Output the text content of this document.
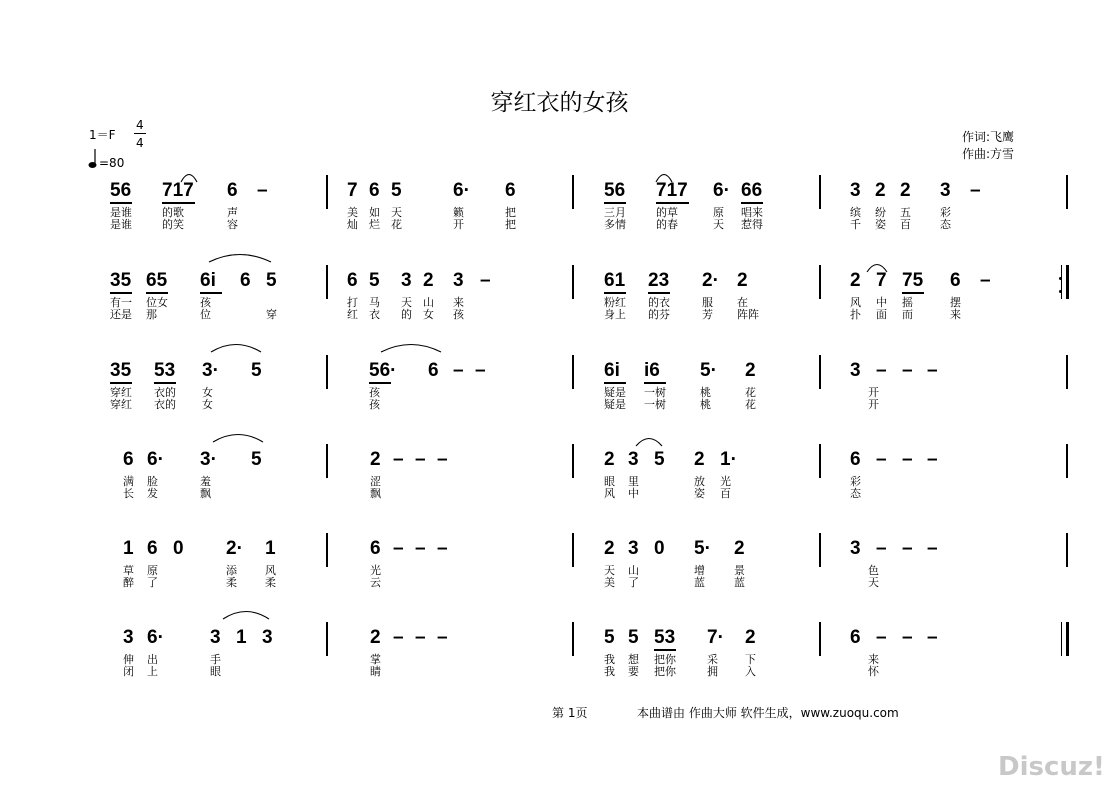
穿红衣的女孩
1＝F
4
4
=80
作词:飞鹰
作曲:方雪
56 717 6 –
是谁	的歌	声
是谁	的笑	容
7 6 5	6· 6
美 如 天	籁	把
灿 烂 花	开	把
56 717 6· 66
三月	的草	原 唱来
多情	的春	天 惹得
3 2 2 3 –
缤 纷 五	彩
千 姿 百	态
35 65 6i 6 5
有一 位女	孩
还是 那	位	穿
6 5 3 2 3 –
打 马 天 山 来
红 衣 的 女 孩
61 23 2· 2
粉红 的衣	服 在
身上 的芬	芳 阵阵
2 7 75 6 –
风 中 摇	摆
扑 面 而	来
35 53 3· 5
穿红 衣的 女
穿红 衣的 女
56· 6 – –
孩
孩
6i i6 5· 2
疑是 一树	桃	花
疑是 一树	桃	花
3 – – –
开
开
6 6· 3· 5
满 脸	羞
长 发	飘
2 – – –
涩
飘
2 3 5 2 1·
眼 里	放 光
风 中	姿 百
6 – – –
彩
态
1 6 0 2· 1
草 原	添	风
醉 了	柔	柔
6 – – –
光
云
2 3 0 5· 2
天 山	增	景
美 了	蓝	蓝
3 – – –
色
天
3 6· 3 1 3
伸 出	手
闭 上	眼
2 – – –
掌
睛
5 5 53 7· 2
我 想 把你	采 下
我 要 把你	拥 入
6 – – –
来
怀
第 1页	本曲谱由 作曲大师 软件生成，www.zuoqu.com
Discuz!
